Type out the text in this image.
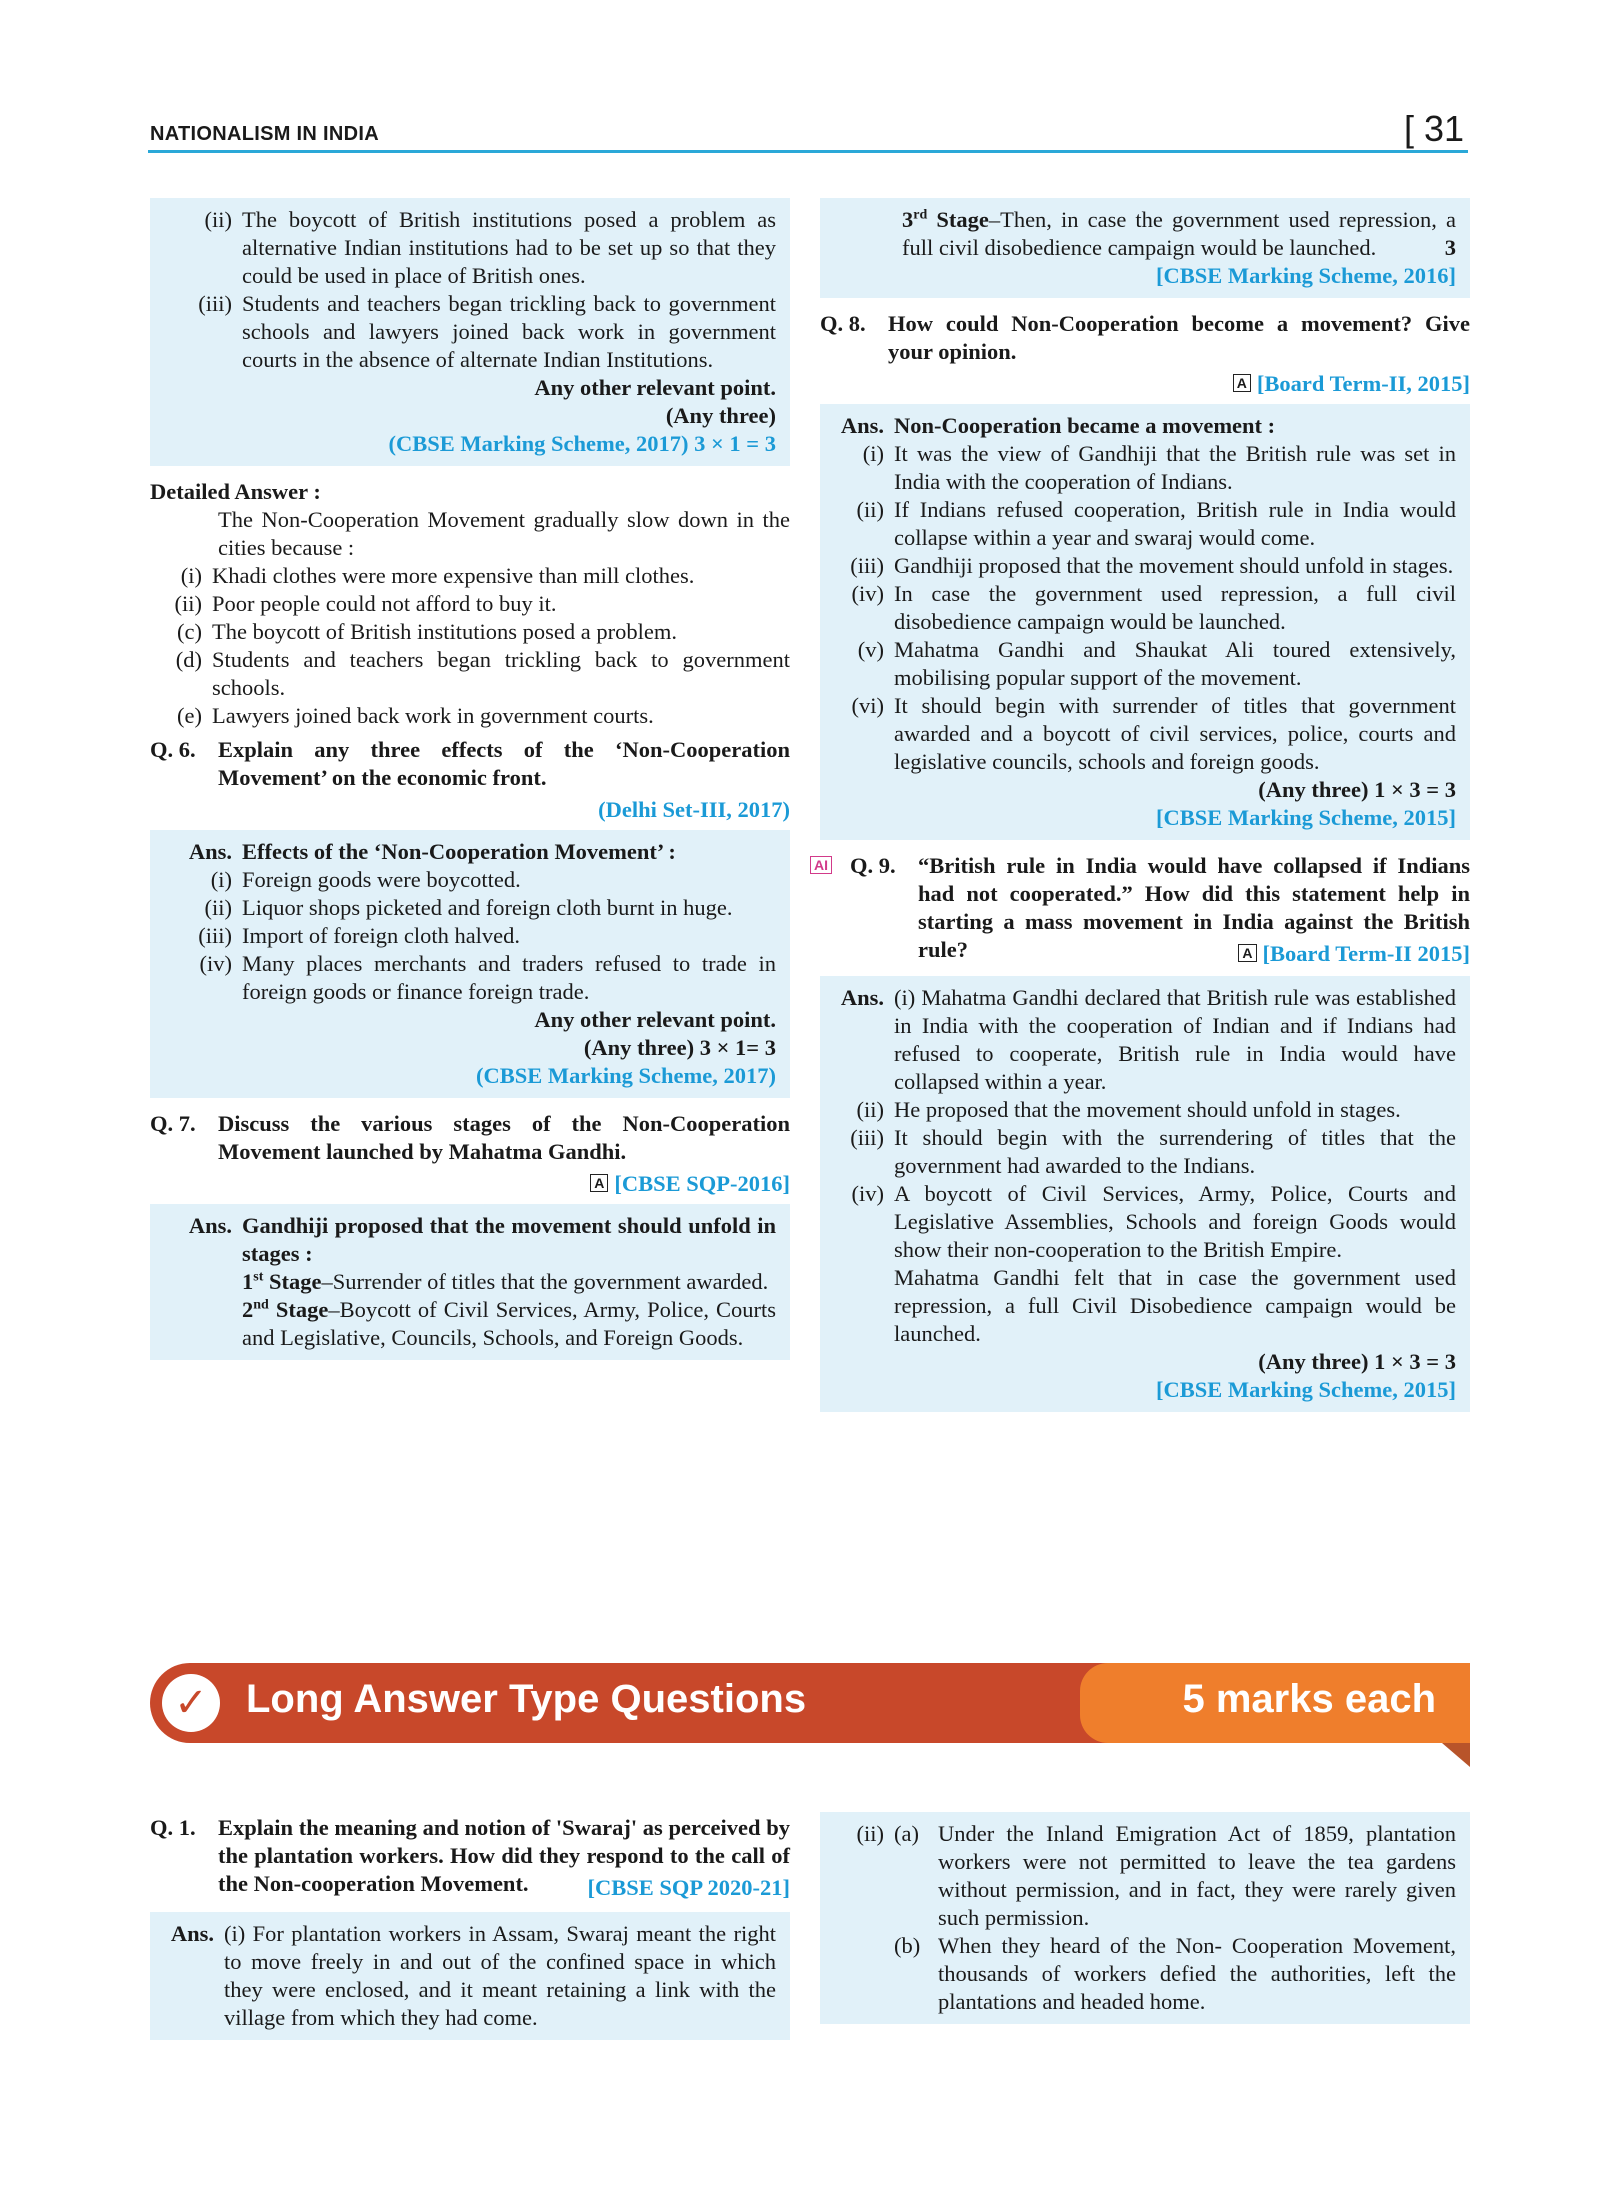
NATIONALISM IN INDIA	[ 31
(ii) The boycott of British institutions posed a problem as alternative Indian institutions had to be set up so that they could be used in place of British ones.
(iii) Students and teachers began trickling back to government schools and lawyers joined back work in government courts in the absence of alternate Indian Institutions.
Any other relevant point.
(Any three)
(CBSE Marking Scheme, 2017) 3 × 1 = 3
Detailed Answer :
The Non-Cooperation Movement gradually slow down in the cities because :
(i) Khadi clothes were more expensive than mill clothes.
(ii) Poor people could not afford to buy it.
(c) The boycott of British institutions posed a problem.
(d) Students and teachers began trickling back to government schools.
(e) Lawyers joined back work in government courts.
Q. 6. Explain any three effects of the ‘Non-Cooperation Movement’ on the economic front.
(Delhi Set-III, 2017)
Ans. Effects of the ‘Non-Cooperation Movement’ :
(i) Foreign goods were boycotted.
(ii) Liquor shops picketed and foreign cloth burnt in huge.
(iii) Import of foreign cloth halved.
(iv) Many places merchants and traders refused to trade in foreign goods or finance foreign trade.
Any other relevant point.
(Any three) 3 × 1= 3
(CBSE Marking Scheme, 2017)
Q. 7. Discuss the various stages of the Non-Cooperation Movement launched by Mahatma Gandhi.
A [CBSE SQP-2016]
Ans. Gandhiji proposed that the movement should unfold in stages :
1st Stage–Surrender of titles that the government awarded.
2nd Stage–Boycott of Civil Services, Army, Police, Courts and Legislative, Councils, Schools, and Foreign Goods.
3rd Stage–Then, in case the government used repression, a full civil disobedience campaign would be launched.	3
[CBSE Marking Scheme, 2016]
Q. 8. How could Non-Cooperation become a movement? Give your opinion.
A [Board Term-II, 2015]
Ans. Non-Cooperation became a movement :
(i) It was the view of Gandhiji that the British rule was set in India with the cooperation of Indians.
(ii) If Indians refused cooperation, British rule in India would collapse within a year and swaraj would come.
(iii) Gandhiji proposed that the movement should unfold in stages.
(iv) In case the government used repression, a full civil disobedience campaign would be launched.
(v) Mahatma Gandhi and Shaukat Ali toured extensively, mobilising popular support of the movement.
(vi) It should begin with surrender of titles that government awarded and a boycott of civil services, police, courts and legislative councils, schools and foreign goods.
(Any three) 1 × 3 = 3
[CBSE Marking Scheme, 2015]
AI Q. 9. “British rule in India would have collapsed if Indians had not cooperated.” How did this statement help in starting a mass movement in India against the British rule?	A [Board Term-II 2015]
Ans. (i) Mahatma Gandhi declared that British rule was established in India with the cooperation of Indian and if Indians had refused to cooperate, British rule in India would have collapsed within a year.
(ii) He proposed that the movement should unfold in stages.
(iii) It should begin with the surrendering of titles that the government had awarded to the Indians.
(iv) A boycott of Civil Services, Army, Police, Courts and Legislative Assemblies, Schools and foreign Goods would show their non-cooperation to the British Empire.
Mahatma Gandhi felt that in case the government used repression, a full Civil Disobedience campaign would be launched.
(Any three) 1 × 3 = 3
[CBSE Marking Scheme, 2015]
✓ Long Answer Type Questions	5 marks each
Q. 1. Explain the meaning and notion of 'Swaraj' as perceived by the plantation workers. How did they respond to the call of the Non-cooperation Movement.	[CBSE SQP 2020-21]
Ans. (i) For plantation workers in Assam, Swaraj meant the right to move freely in and out of the confined space in which they were enclosed, and it meant retaining a link with the village from which they had come.
(ii) (a) Under the Inland Emigration Act of 1859, plantation workers were not permitted to leave the tea gardens without permission, and in fact, they were rarely given such permission.
(b) When they heard of the Non- Cooperation Movement, thousands of workers defied the authorities, left the plantations and headed home.
